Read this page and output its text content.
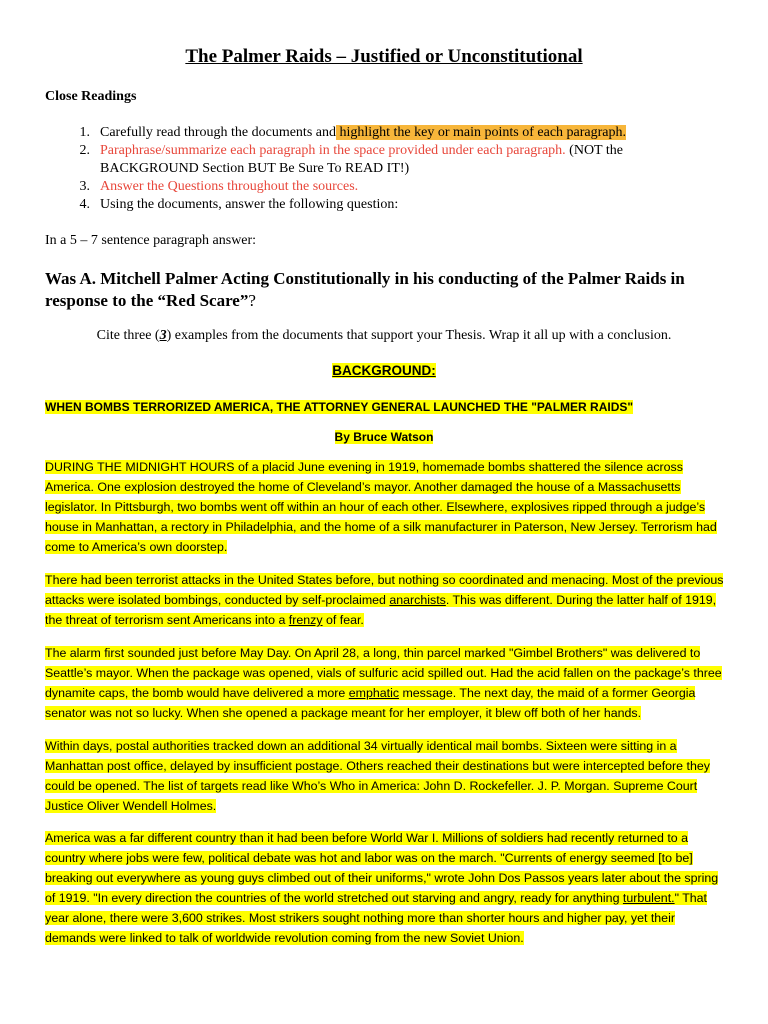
The Palmer Raids – Justified or Unconstitutional
Close Readings
1. Carefully read through the documents and highlight the key or main points of each paragraph.
2. Paraphrase/summarize each paragraph in the space provided under each paragraph. (NOT the BACKGROUND Section BUT Be Sure To READ IT!)
3. Answer the Questions throughout the sources.
4. Using the documents, answer the following question:
In a 5 – 7 sentence paragraph answer:
Was A. Mitchell Palmer Acting Constitutionally in his conducting of the Palmer Raids in response to the “Red Scare”?
Cite three (3) examples from the documents that support your Thesis. Wrap it all up with a conclusion.
BACKGROUND:
WHEN BOMBS TERRORIZED AMERICA, THE ATTORNEY GENERAL LAUNCHED THE "PALMER RAIDS"
By Bruce Watson
DURING THE MIDNIGHT HOURS of a placid June evening in 1919, homemade bombs shattered the silence across America. One explosion destroyed the home of Cleveland’s mayor. Another damaged the house of a Massachusetts legislator. In Pittsburgh, two bombs went off within an hour of each other. Elsewhere, explosives ripped through a judge’s house in Manhattan, a rectory in Philadelphia, and the home of a silk manufacturer in Paterson, New Jersey. Terrorism had come to America’s own doorstep.
There had been terrorist attacks in the United States before, but nothing so coordinated and menacing. Most of the previous attacks were isolated bombings, conducted by self-proclaimed anarchists. This was different. During the latter half of 1919, the threat of terrorism sent Americans into a frenzy of fear.
The alarm first sounded just before May Day. On April 28, a long, thin parcel marked "Gimbel Brothers" was delivered to Seattle’s mayor. When the package was opened, vials of sulfuric acid spilled out. Had the acid fallen on the package’s three dynamite caps, the bomb would have delivered a more emphatic message. The next day, the maid of a former Georgia senator was not so lucky. When she opened a package meant for her employer, it blew off both of her hands.
Within days, postal authorities tracked down an additional 34 virtually identical mail bombs. Sixteen were sitting in a Manhattan post office, delayed by insufficient postage. Others reached their destinations but were intercepted before they could be opened. The list of targets read like Who’s Who in America: John D. Rockefeller. J. P. Morgan. Supreme Court Justice Oliver Wendell Holmes.
America was a far different country than it had been before World War I. Millions of soldiers had recently returned to a country where jobs were few, political debate was hot and labor was on the march. "Currents of energy seemed [to be] breaking out everywhere as young guys climbed out of their uniforms," wrote John Dos Passos years later about the spring of 1919. "In every direction the countries of the world stretched out starving and angry, ready for anything turbulent." That year alone, there were 3,600 strikes. Most strikers sought nothing more than shorter hours and higher pay, yet their demands were linked to talk of worldwide revolution coming from the new Soviet Union.
